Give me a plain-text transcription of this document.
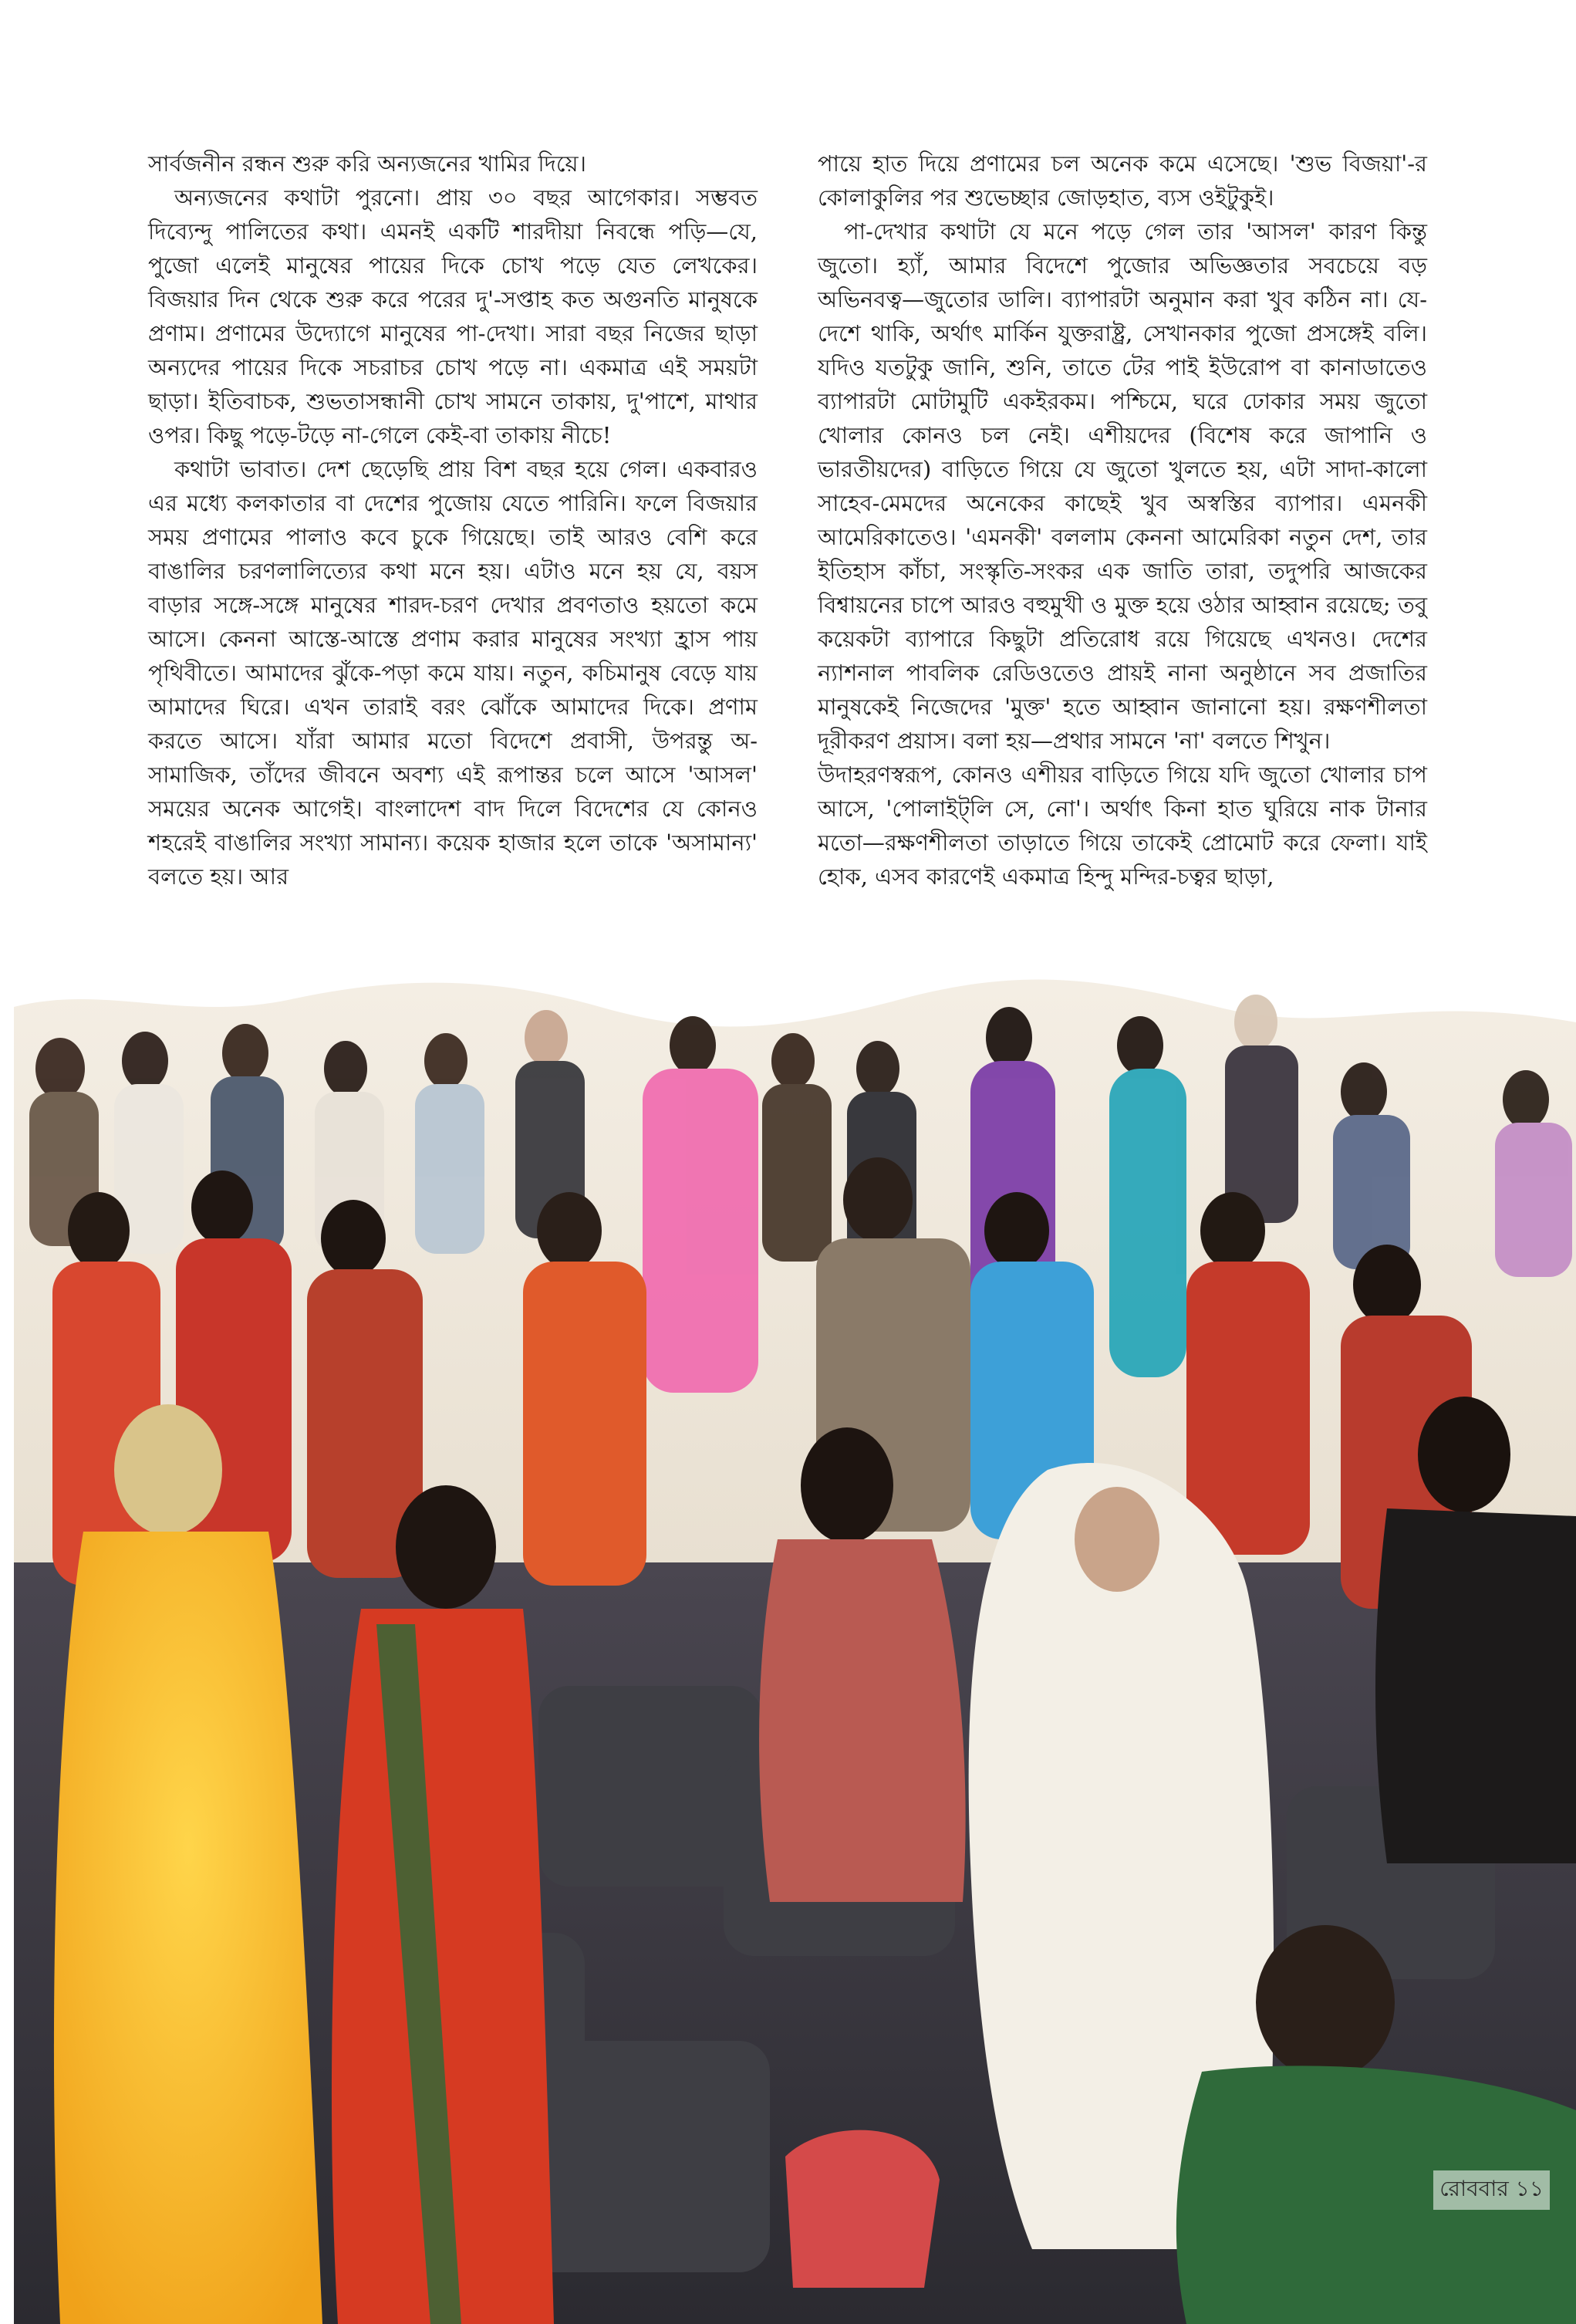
সার্বজনীন রন্ধন শুরু করি অন্যজনের খামির দিয়ে।

অন্যজনের কথাটা পুরনো। প্রায় ৩০ বছর আগেকার। সম্ভবত দিব্যেন্দু পালিতের কথা। এমনই একটি শারদীয়া নিবন্ধে পড়ি—যে, পুজো এলেই মানুষের পায়ের দিকে চোখ পড়ে যেত লেখকের। বিজয়ার দিন থেকে শুরু করে পরের দু'-সপ্তাহ কত অগুনতি মানুষকে প্রণাম। প্রণামের উদ্যোগে মানুষের পা-দেখা। সারা বছর নিজের ছাড়া অন্যদের পায়ের দিকে সচরাচর চোখ পড়ে না। একমাত্র এই সময়টা ছাড়া। ইতিবাচক, শুভতাসন্ধানী চোখ সামনে তাকায়, দু'পাশে, মাথার ওপর। কিছু পড়ে-টড়ে না-গেলে কেই-বা তাকায় নীচে!

কথাটা ভাবাত। দেশ ছেড়েছি প্রায় বিশ বছর হয়ে গেল। একবারও এর মধ্যে কলকাতার বা দেশের পুজোয় যেতে পারিনি। ফলে বিজয়ার সময় প্রণামের পালাও কবে চুকে গিয়েছে। তাই আরও বেশি করে বাঙালির চরণলালিত্যের কথা মনে হয়। এটাও মনে হয় যে, বয়স বাড়ার সঙ্গে-সঙ্গে মানুষের শারদ-চরণ দেখার প্রবণতাও হয়তো কমে আসে। কেননা আস্তে-আস্তে প্রণাম করার মানুষের সংখ্যা হ্রাস পায় পৃথিবীতে। আমাদের ঝুঁকে-পড়া কমে যায়। নতুন, কচিমানুষ বেড়ে যায় আমাদের ঘিরে। এখন তারাই বরং ঝোঁকে আমাদের দিকে। প্রণাম করতে আসে। যাঁরা আমার মতো বিদেশে প্রবাসী, উপরন্তু অ-সামাজিক, তাঁদের জীবনে অবশ্য এই রূপান্তর চলে আসে 'আসল' সময়ের অনেক আগেই। বাংলাদেশ বাদ দিলে বিদেশের যে কোনও শহরেই বাঙালির সংখ্যা সামান্য। কয়েক হাজার হলে তাকে 'অসামান্য' বলতে হয়। আর

পায়ে হাত দিয়ে প্রণামের চল অনেক কমে এসেছে। 'শুভ বিজয়া'-র কোলাকুলির পর শুভেচ্ছার জোড়হাত, ব্যস ওইটুকুই।

পা-দেখার কথাটা যে মনে পড়ে গেল তার 'আসল' কারণ কিন্তু জুতো। হ্যাঁ, আমার বিদেশে পুজোর অভিজ্ঞতার সবচেয়ে বড় অভিনবত্ব—জুতোর ডালি। ব্যাপারটা অনুমান করা খুব কঠিন না। যে-দেশে থাকি, অর্থাৎ মার্কিন যুক্তরাষ্ট্র, সেখানকার পুজো প্রসঙ্গেই বলি। যদিও যতটুকু জানি, শুনি, তাতে টের পাই ইউরোপ বা কানাডাতেও ব্যাপারটা মোটামুটি একইরকম। পশ্চিমে, ঘরে ঢোকার সময় জুতো খোলার কোনও চল নেই। এশীয়দের (বিশেষ করে জাপানি ও ভারতীয়দের) বাড়িতে গিয়ে যে জুতো খুলতে হয়, এটা সাদা-কালো সাহেব-মেমদের অনেকের কাছেই খুব অস্বস্তির ব্যাপার। এমনকী আমেরিকাতেও। 'এমনকী' বললাম কেননা আমেরিকা নতুন দেশ, তার ইতিহাস কাঁচা, সংস্কৃতি-সংকর এক জাতি তারা, তদুপরি আজকের বিশ্বায়নের চাপে আরও বহুমুখী ও মুক্ত হয়ে ওঠার আহ্বান রয়েছে; তবু কয়েকটা ব্যাপারে কিছুটা প্রতিরোধ রয়ে গিয়েছে এখনও। দেশের ন্যাশনাল পাবলিক রেডিওতেও প্রায়ই নানা অনুষ্ঠানে সব প্রজাতির মানুষকেই নিজেদের 'মুক্ত' হতে আহ্বান জানানো হয়। রক্ষণশীলতা দূরীকরণ প্রয়াস। বলা হয়—প্রথার সামনে 'না' বলতে শিখুন।

উদাহরণস্বরূপ, কোনও এশীয়র বাড়িতে গিয়ে যদি জুতো খোলার চাপ আসে, 'পোলাইট্‌লি সে, নো'। অর্থাৎ কিনা হাত ঘুরিয়ে নাক টানার মতো—রক্ষণশীলতা তাড়াতে গিয়ে তাকেই প্রোমোট করে ফেলা। যাই হোক, এসব কারণেই একমাত্র হিন্দু মন্দির-চত্বর ছাড়া,

রোববার ১১
